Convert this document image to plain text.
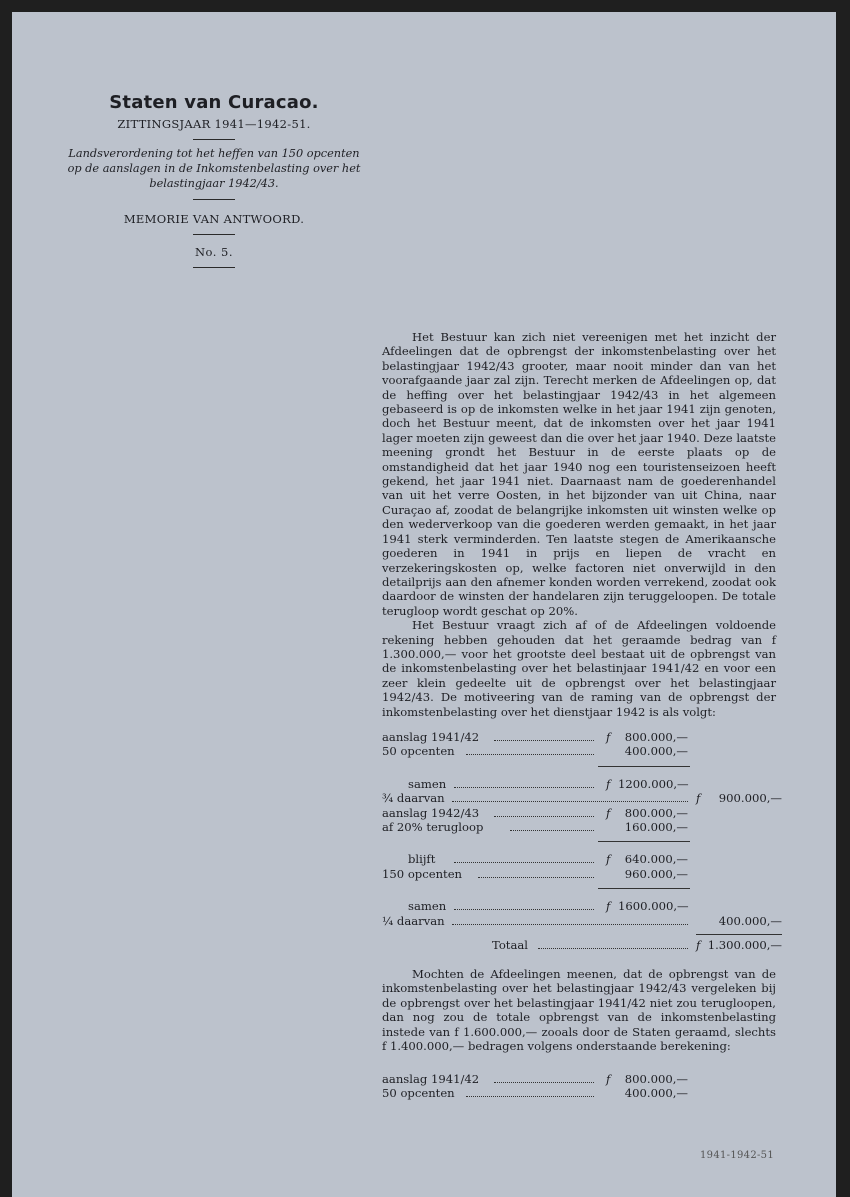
Staten van Curacao.
ZITTINGSJAAR 1941—1942-51.
Landsverordening tot het heffen van 150 opcenten op de aanslagen in de Inkomstenbelasting over het belastingjaar 1942/43.
MEMORIE VAN ANTWOORD.
No. 5.

Het Bestuur kan zich niet vereenigen met het inzicht der Afdeelingen dat de opbrengst der inkomstenbelasting over het belastingjaar 1942/43 grooter, maar nooit minder dan van het voorafgaande jaar zal zijn. Terecht merken de Afdeelingen op, dat de heffing over het belastingjaar 1942/43 in het algemeen gebaseerd is op de inkomsten welke in het jaar 1941 zijn genoten, doch het Bestuur meent, dat de inkomsten over het jaar 1941 lager moeten zijn geweest dan die over het jaar 1940. Deze laatste meening grondt het Bestuur in de eerste plaats op de omstandigheid dat het jaar 1940 nog een touristenseizoen heeft gekend, het jaar 1941 niet. Daarnaast nam de goederenhandel van uit het verre Oosten, in het bijzonder van uit China, naar Curaçao af, zoodat de belangrijke inkomsten uit winsten welke op den wederverkoop van die goederen werden gemaakt, in het jaar 1941 sterk verminderden. Ten laatste stegen de Amerikaansche goederen in 1941 in prijs en liepen de vracht en verzekeringskosten op, welke factoren niet onverwijld in den detailprijs aan den afnemer konden worden verrekend, zoodat ook daardoor de winsten der handelaren zijn teruggeloopen. De totale terugloop wordt geschat op 20%.

Het Bestuur vraagt zich af of de Afdeelingen voldoende rekening hebben gehouden dat het geraamde bedrag van f 1.300.000,— voor het grootste deel bestaat uit de opbrengst van de inkomstenbelasting over het belastinjaar 1941/42 en voor een zeer klein gedeelte uit de opbrengst over het belastingjaar 1942/43. De motiveering van de raming van de opbrengst der inkomstenbelasting over het dienstjaar 1942 is als volgt:

aanslag 1941/42	f	800.000,—
50 opcenten	400.000,—
samen	f 1200.000,—
¾ daarvan	f	900.000,—
aanslag 1942/43	f	800.000,—
af 20% terugloop	160.000,—
blijft	f	640.000,—
150 opcenten	960.000,—
samen	f 1600.000,—
¼ daarvan	400.000,—
Totaal	f 1.300.000,—

Mochten de Afdeelingen meenen, dat de opbrengst van de inkomstenbelasting over het belastingjaar 1942/43 vergeleken bij de opbrengst over het belastingjaar 1941/42 niet zou terugloopen, dan nog zou de totale opbrengst van de inkomstenbelasting instede van f 1.600.000,— zooals door de Staten geraamd, slechts f 1.400.000,— bedragen volgens onderstaande berekening:

aanslag 1941/42	f	800.000,—
50 opcenten	400.000,—
1941-1942-51
